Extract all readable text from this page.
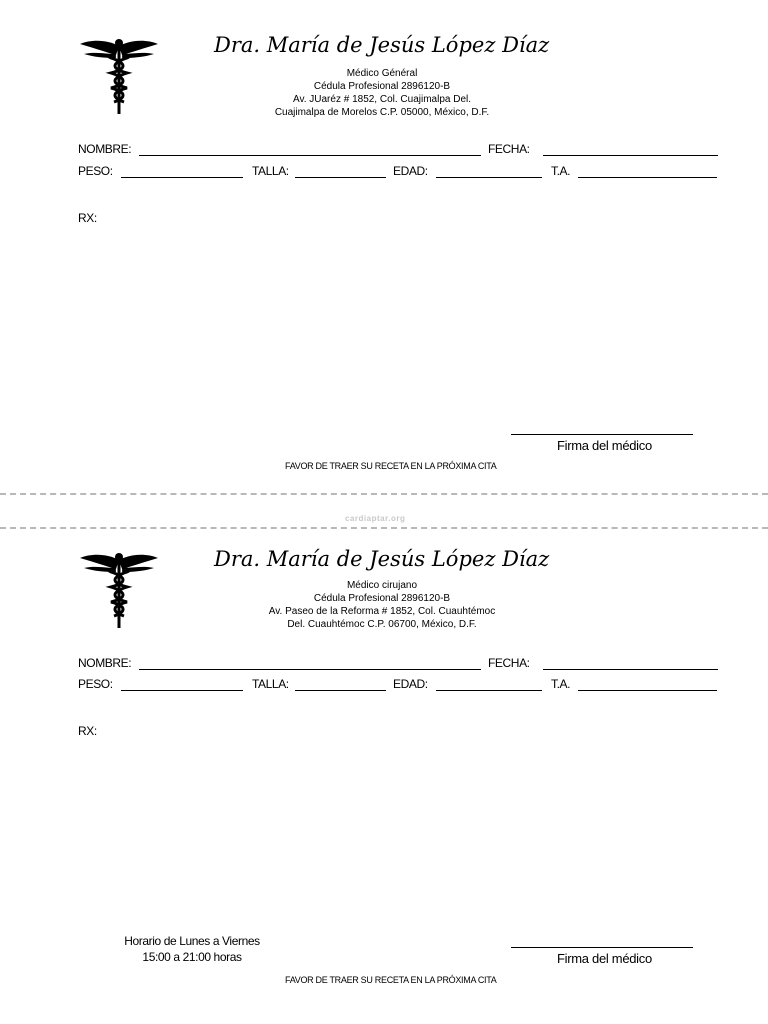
Dra. María de Jesús López Díaz
Médico Général
Cédula Profesional 2896120-B
Av. JUaréz # 1852, Col. Cuajimalpa Del.
Cuajimalpa de Morelos C.P. 05000, México, D.F.
NOMBRE:	FECHA:
PESO:	TALLA:	EDAD:	T.A.
RX:
Firma del médico
FAVOR DE TRAER SU RECETA EN LA PRÓXIMA CITA
cardiaptar.org
Dra. María de Jesús López Díaz
Médico cirujano
Cédula Profesional 2896120-B
Av. Paseo de la Reforma # 1852, Col. Cuauhtémoc
Del. Cuauhtémoc C.P. 06700, México, D.F.
NOMBRE:	FECHA:
PESO:	TALLA:	EDAD:	T.A.
RX:
Horario de Lunes a Viernes
15:00 a 21:00 horas	Firma del médico
FAVOR DE TRAER SU RECETA EN LA PRÓXIMA CITA
